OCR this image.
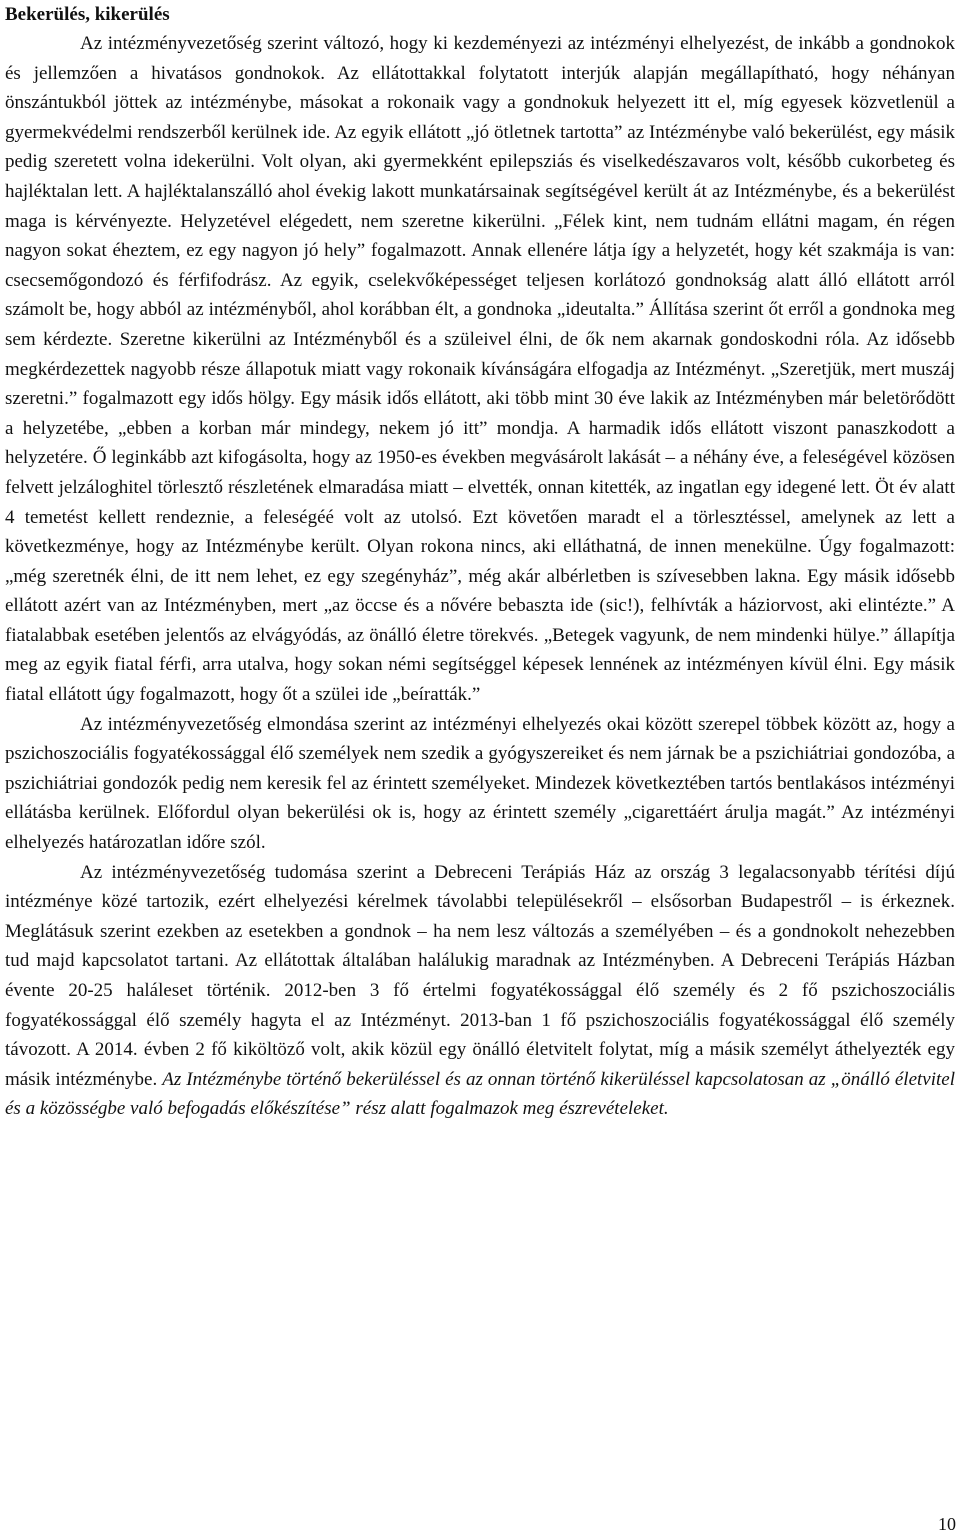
Bekerülés, kikerülés

Az intézményvezetőség szerint változó, hogy ki kezdeményezi az intézményi elhelyezést, de inkább a gondnokok és jellemzően a hivatásos gondnokok. Az ellátottakkal folytatott interjúk alapján megállapítható, hogy néhányan önszántukból jöttek az intézménybe, másokat a rokonaik vagy a gondnokuk helyezett itt el, míg egyesek közvetlenül a gyermekvédelmi rendszerből kerülnek ide. Az egyik ellátott „jó ötletnek tartotta” az Intézménybe való bekerülést, egy másik pedig szeretett volna idekerülni. Volt olyan, aki gyermekként epilepsziás és viselkedészavaros volt, később cukorbeteg és hajléktalan lett. A hajléktalanszálló ahol évekig lakott munkatársainak segítségével került át az Intézménybe, és a bekerülést maga is kérvényezte. Helyzetével elégedett, nem szeretne kikerülni. „Félek kint, nem tudnám ellátni magam, én régen nagyon sokat éheztem, ez egy nagyon jó hely” fogalmazott. Annak ellenére látja így a helyzetét, hogy két szakmája is van: csecsemőgondozó és férfifodrász. Az egyik, cselekvőképességet teljesen korlátozó gondnokság alatt álló ellátott arról számolt be, hogy abból az intézményből, ahol korábban élt, a gondnoka „ideutalta.” Állítása szerint őt erről a gondnoka meg sem kérdezte. Szeretne kikerülni az Intézményből és a szüleivel élni, de ők nem akarnak gondoskodni róla. Az idősebb megkérdezettek nagyobb része állapotuk miatt vagy rokonaik kívánságára elfogadja az Intézményt. „Szeretjük, mert muszáj szeretni.” fogalmazott egy idős hölgy. Egy másik idős ellátott, aki több mint 30 éve lakik az Intézményben már beletörődött a helyzetébe, „ebben a korban már mindegy, nekem jó itt” mondja. A harmadik idős ellátott viszont panaszkodott a helyzetére. Ő leginkább azt kifogásolta, hogy az 1950-es években megvásárolt lakását – a néhány éve, a feleségével közösen felvett jelzáloghitel törlesztő részletének elmaradása miatt – elvették, onnan kitették, az ingatlan egy idegené lett. Öt év alatt 4 temetést kellett rendeznie, a feleségéé volt az utolsó. Ezt követően maradt el a törlesztéssel, amelynek az lett a következménye, hogy az Intézménybe került. Olyan rokona nincs, aki elláthatná, de innen menekülne. Úgy fogalmazott: „még szeretnék élni, de itt nem lehet, ez egy szegényház”, még akár albérletben is szívesebben lakna. Egy másik idősebb ellátott azért van az Intézményben, mert „az öccse és a nővére bebaszta ide (sic!), felhívták a háziorvost, aki elintézte.” A fiatalabbak esetében jelentős az elvágyódás, az önálló életre törekvés. „Betegek vagyunk, de nem mindenki hülye.” állapítja meg az egyik fiatal férfi, arra utalva, hogy sokan némi segítséggel képesek lennének az intézményen kívül élni. Egy másik fiatal ellátott úgy fogalmazott, hogy őt a szülei ide „beíratták.”

Az intézményvezetőség elmondása szerint az intézményi elhelyezés okai között szerepel többek között az, hogy a pszichoszociális fogyatékossággal élő személyek nem szedik a gyógyszereiket és nem járnak be a pszichiátriai gondozóba, a pszichiátriai gondozók pedig nem keresik fel az érintett személyeket. Mindezek következtében tartós bentlakásos intézményi ellátásba kerülnek. Előfordul olyan bekerülési ok is, hogy az érintett személy „cigarettáért árulja magát.” Az intézményi elhelyezés határozatlan időre szól.

Az intézményvezetőség tudomása szerint a Debreceni Terápiás Ház az ország 3 legalacsonyabb térítési díjú intézménye közé tartozik, ezért elhelyezési kérelmek távolabbi településekről – elsősorban Budapestről – is érkeznek. Meglátásuk szerint ezekben az esetekben a gondnok – ha nem lesz változás a személyében – és a gondnokolt nehezebben tud majd kapcsolatot tartani. Az ellátottak általában halálukig maradnak az Intézményben. A Debreceni Terápiás Házban évente 20-25 haláleset történik. 2012-ben 3 fő értelmi fogyatékossággal élő személy és 2 fő pszichoszociális fogyatékossággal élő személy hagyta el az Intézményt. 2013-ban 1 fő pszichoszociális fogyatékossággal élő személy távozott. A 2014. évben 2 fő kiköltöző volt, akik közül egy önálló életvitelt folytat, míg a másik személyt áthelyezték egy másik intézménybe. Az Intézménybe történő bekerüléssel és az onnan történő kikerüléssel kapcsolatosan az „önálló életvitel és a közösségbe való befogadás előkészítése” rész alatt fogalmazok meg észrevételeket.

10
